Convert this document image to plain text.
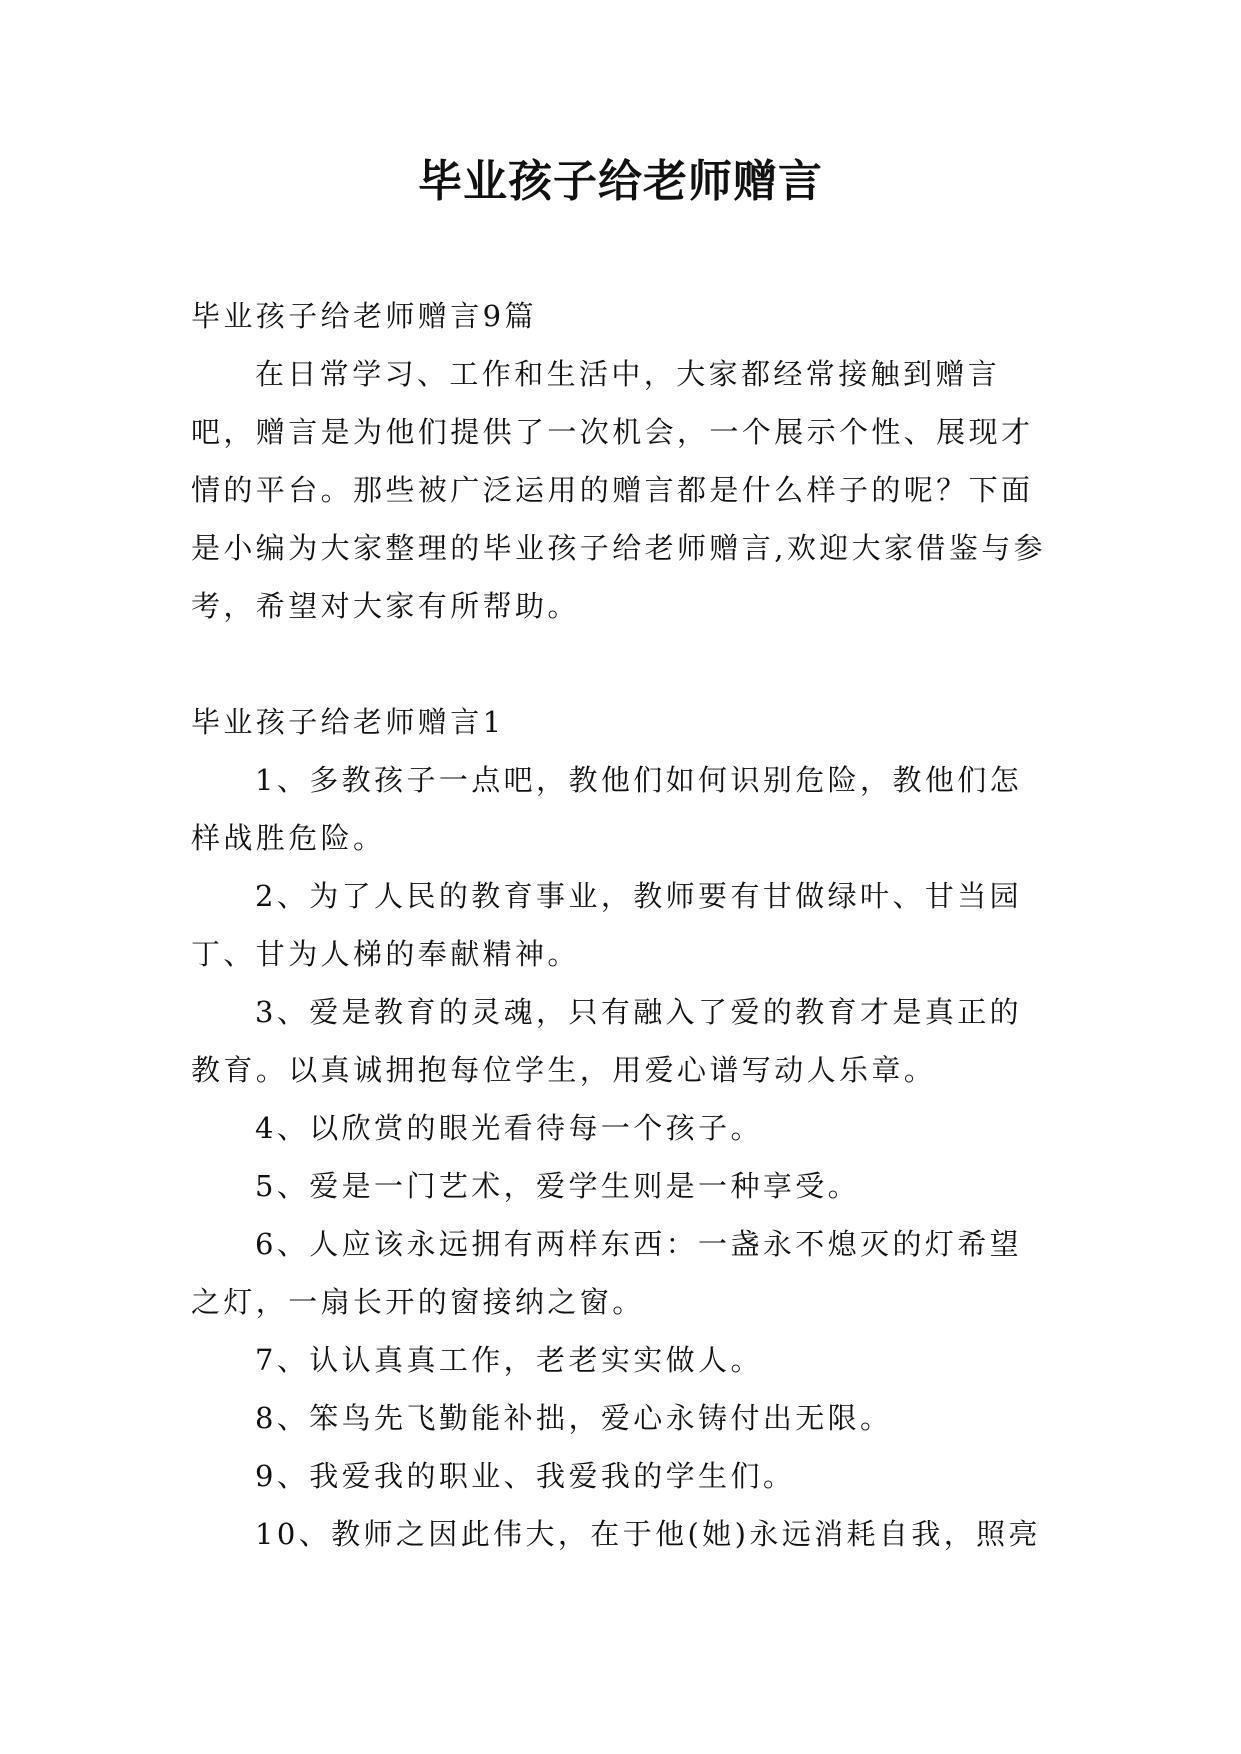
毕业孩子给老师赠言

毕业孩子给老师赠言9篇

在日常学习、工作和生活中，大家都经常接触到赠言吧，赠言是为他们提供了一次机会，一个展示个性、展现才情的平台。那些被广泛运用的赠言都是什么样子的呢？下面是小编为大家整理的毕业孩子给老师赠言,欢迎大家借鉴与参考，希望对大家有所帮助。

毕业孩子给老师赠言1

1、多教孩子一点吧，教他们如何识别危险，教他们怎样战胜危险。

2、为了人民的教育事业，教师要有甘做绿叶、甘当园丁、甘为人梯的奉献精神。

3、爱是教育的灵魂，只有融入了爱的教育才是真正的教育。以真诚拥抱每位学生，用爱心谱写动人乐章。

4、以欣赏的眼光看待每一个孩子。

5、爱是一门艺术，爱学生则是一种享受。

6、人应该永远拥有两样东西：一盏永不熄灭的灯希望之灯，一扇长开的窗接纳之窗。

7、认认真真工作，老老实实做人。

8、笨鸟先飞勤能补拙，爱心永铸付出无限。

9、我爱我的职业、我爱我的学生们。

10、教师之因此伟大，在于他(她)永远消耗自我，照亮
